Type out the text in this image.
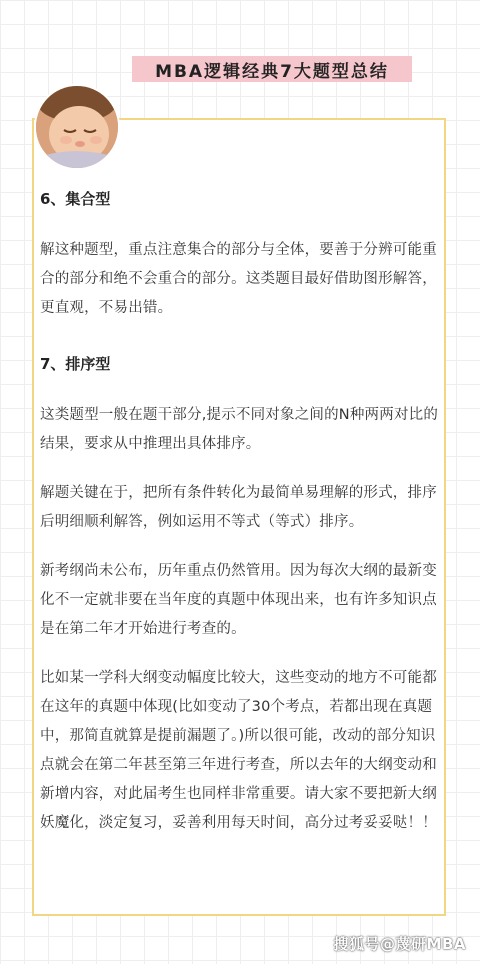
MBA逻辑经典7大题型总结
6、集合型

解这种题型，重点注意集合的部分与全体，要善于分辨可能重合的部分和绝不会重合的部分。这类题目最好借助图形解答，更直观，不易出错。

7、排序型

这类题型一般在题干部分,提示不同对象之间的N种两两对比的结果，要求从中推理出具体排序。

解题关键在于，把所有条件转化为最简单易理解的形式，排序后明细顺利解答，例如运用不等式（等式）排序。

新考纲尚未公布，历年重点仍然管用。因为每次大纲的最新变化不一定就非要在当年度的真题中体现出来，也有许多知识点是在第二年才开始进行考查的。

比如某一学科大纲变动幅度比较大，这些变动的地方不可能都在这年的真题中体现(比如变动了30个考点，若都出现在真题中，那简直就算是提前漏题了。)所以很可能，改动的部分知识点就会在第二年甚至第三年进行考查，所以去年的大纲变动和新增内容，对此届考生也同样非常重要。请大家不要把新大纲妖魔化，淡定复习，妥善利用每天时间，高分过考妥妥哒！！

搜狐号@蔑研MBA
